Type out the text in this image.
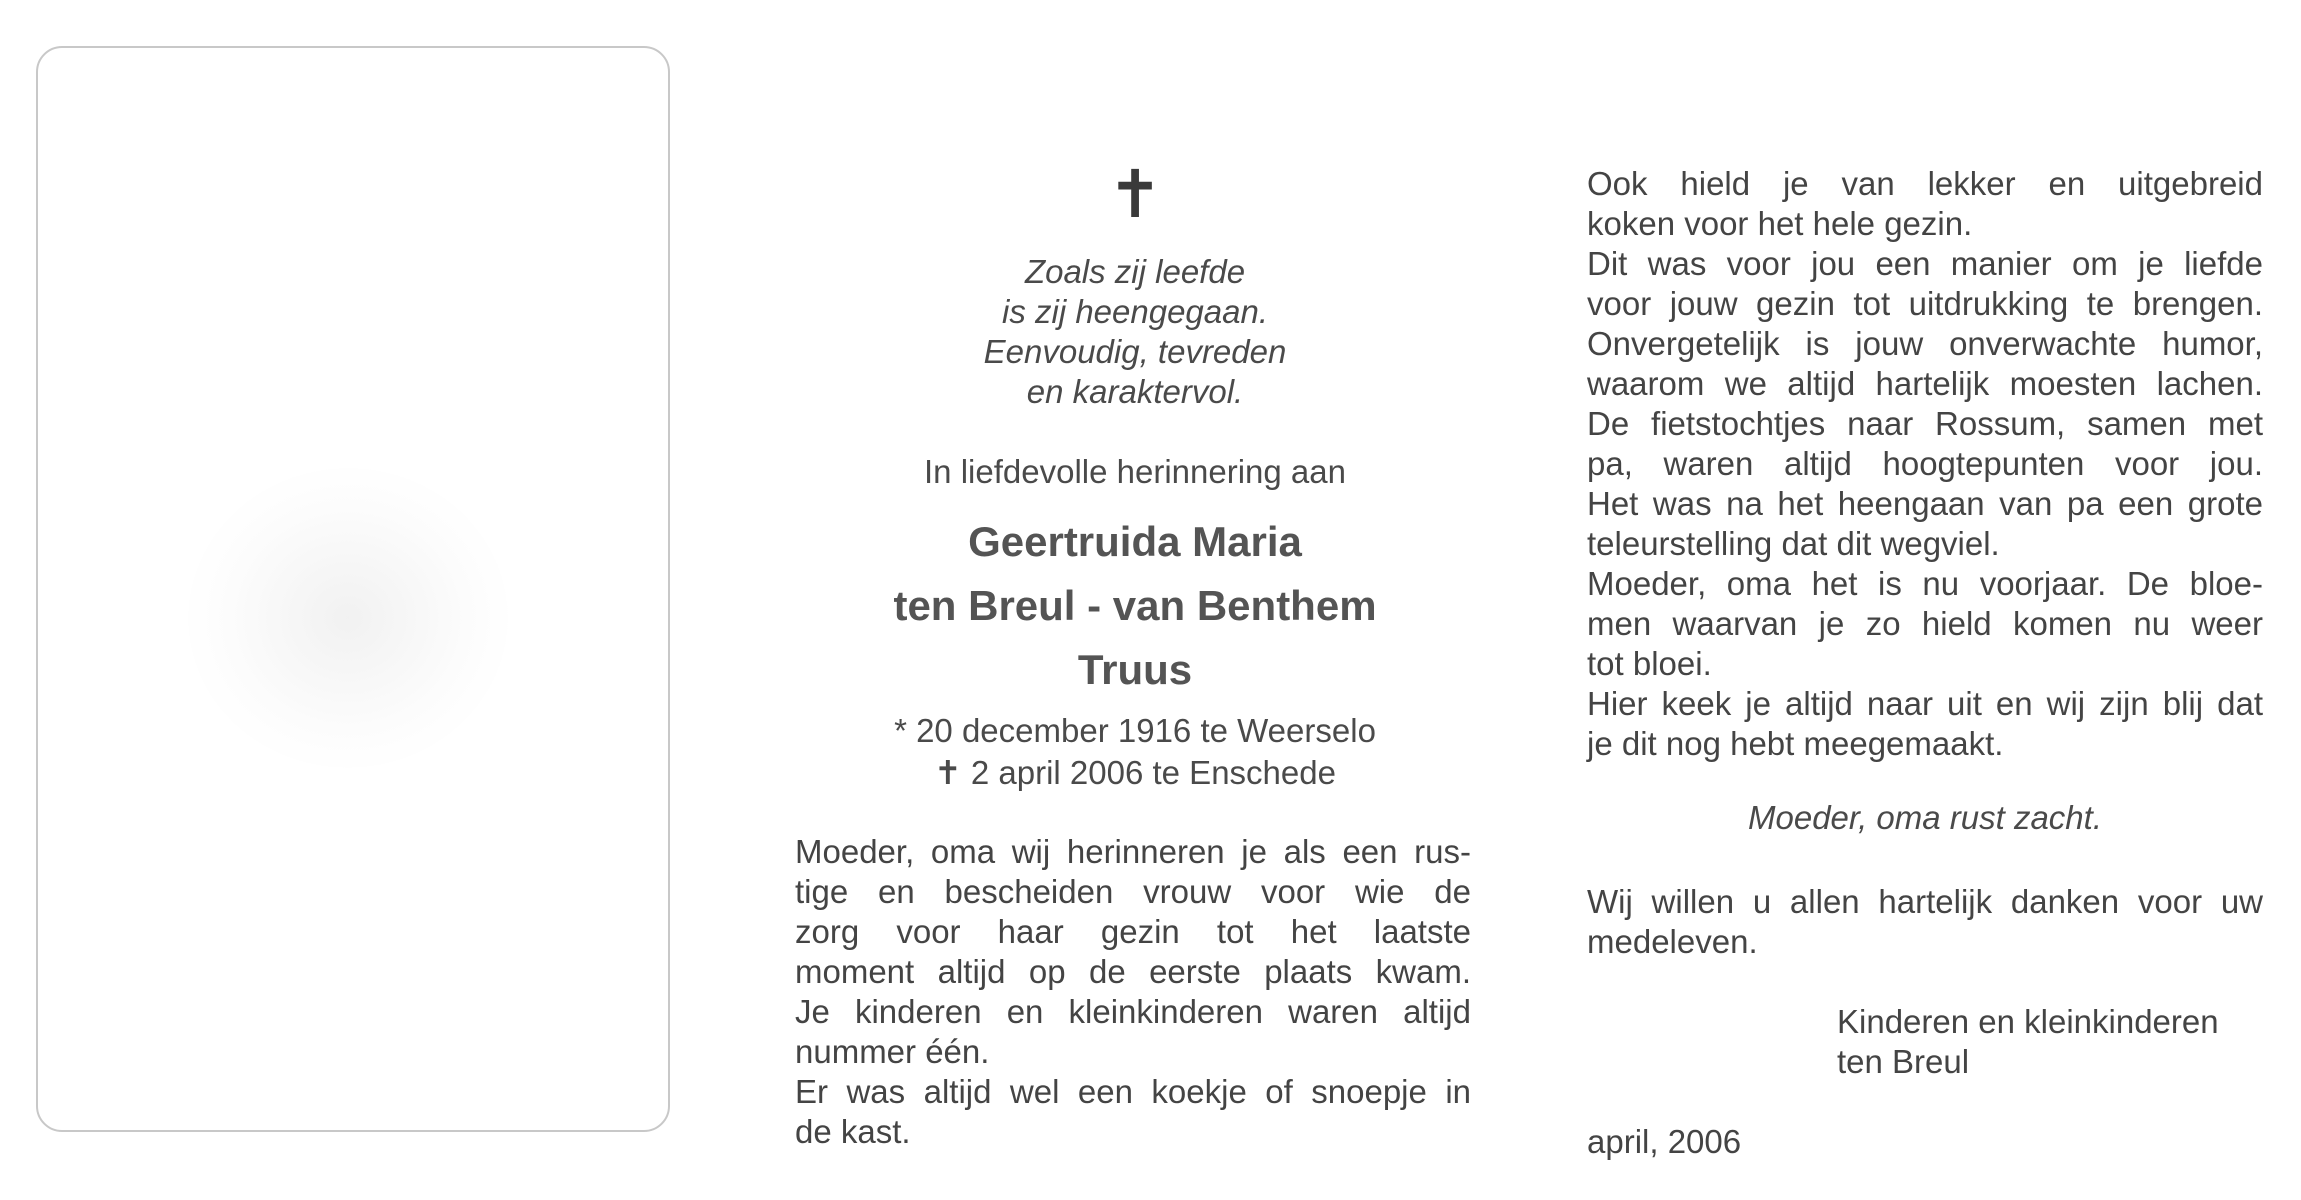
✝
Zoals zij leefde
is zij heengegaan.
Eenvoudig, tevreden
en karaktervol.
In liefdevolle herinnering aan
Geertruida Maria
ten Breul - van Benthem
Truus
* 20 december 1916 te Weerselo
✝ 2 april 2006 te Enschede
Moeder, oma wij herinneren je als een rus-
tige en bescheiden vrouw voor wie de
zorg voor haar gezin tot het laatste
moment altijd op de eerste plaats kwam.
Je kinderen en kleinkinderen waren altijd
nummer één.
Er was altijd wel een koekje of snoepje in
de kast.
Ook hield je van lekker en uitgebreid
koken voor het hele gezin.
Dit was voor jou een manier om je liefde
voor jouw gezin tot uitdrukking te brengen.
Onvergetelijk is jouw onverwachte humor,
waarom we altijd hartelijk moesten lachen.
De fietstochtjes naar Rossum, samen met
pa, waren altijd hoogtepunten voor jou.
Het was na het heengaan van pa een grote
teleurstelling dat dit wegviel.
Moeder, oma het is nu voorjaar. De bloe-
men waarvan je zo hield komen nu weer
tot bloei.
Hier keek je altijd naar uit en wij zijn blij dat
je dit nog hebt meegemaakt.
Moeder, oma rust zacht.
Wij willen u allen hartelijk danken voor uw
medeleven.
Kinderen en kleinkinderen
ten Breul
april, 2006
